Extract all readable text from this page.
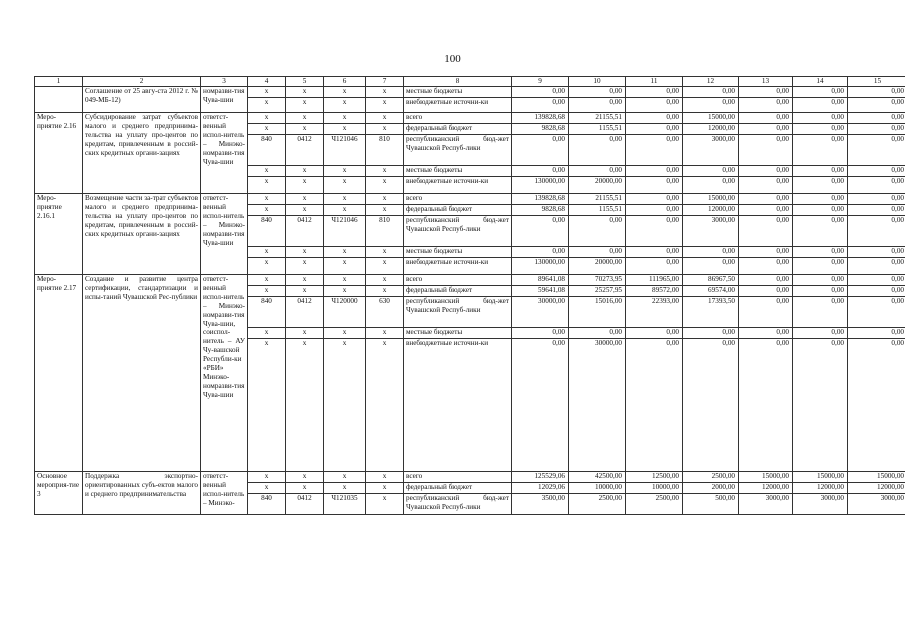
100
1	2	3	4	5	6	7	8	9	10	11	12	13	14	15
	Соглашение от 25 авгу-ста 2012 г. № 049-МБ-12)	номразви-тия Чува-шии	x	x	x	x	местные бюджеты	0,00	0,00	0,00	0,00	0,00	0,00	0,00
			x	x	x	x	внебюджетные источни-ки	0,00	0,00	0,00	0,00	0,00	0,00	0,00
Меро-приятие 2.16	Субсидирование затрат субъектов малого и среднего предпринима-тельства на уплату про-центов по кредитам, привлеченным в россий-ских кредитных органи-зациях	ответст-венный испол-нитель – Минэко-номразви-тия Чува-шии	x	x	x	x	всего	139828,68	21155,51	0,00	15000,00	0,00	0,00	0,00
			x	x	x	x	федеральный бюджет	9828,68	1155,51	0,00	12000,00	0,00	0,00	0,00
			840	0412	Ч121046	810	республиканский бюд-жет Чувашской Респуб-лики	0,00	0,00	0,00	3000,00	0,00	0,00	0,00
			x	x	x	x	местные бюджеты	0,00	0,00	0,00	0,00	0,00	0,00	0,00
			x	x	x	x	внебюджетные источни-ки	130000,00	20000,00	0,00	0,00	0,00	0,00	0,00
Меро-приятие 2.16.1	Возмещение части за-трат субъектов малого и среднего предпринима-тельства на уплату про-центов по кредитам, привлеченным в россий-ских кредитных органи-зациях	ответст-венный испол-нитель – Минэко-номразви-тия Чува-шии	x	x	x	x	всего	139828,68	21155,51	0,00	15000,00	0,00	0,00	0,00
			x	x	x	x	федеральный бюджет	9828,68	1155,51	0,00	12000,00	0,00	0,00	0,00
			840	0412	Ч121046	810	республиканский бюд-жет Чувашской Респуб-лики	0,00	0,00	0,00	3000,00	0,00	0,00	0,00
			x	x	x	x	местные бюджеты	0,00	0,00	0,00	0,00	0,00	0,00	0,00
			x	x	x	x	внебюджетные источни-ки	130000,00	20000,00	0,00	0,00	0,00	0,00	0,00
Меро-приятие 2.17	Создание и развитие центра сертификации, стандартизации и испы-таний Чувашской Рес-публики	ответст-венный испол-нитель – Минэко-номразви-тия Чува-шии, соиспол-нитель – АУ Чу-вашской Республи-ки «РБИ» Минэко-номразви-тия Чува-шии	x	x	x	x	всего	89641,08	70273,95	111965,00	86967,50	0,00	0,00	0,00
			x	x	x	x	федеральный бюджет	59641,08	25257,95	89572,00	69574,00	0,00	0,00	0,00
			840	0412	Ч120000	630	республиканский бюд-жет Чувашской Респуб-лики	30000,00	15016,00	22393,00	17393,50	0,00	0,00	0,00
			x	x	x	x	местные бюджеты	0,00	0,00	0,00	0,00	0,00	0,00	0,00
			x	x	x	x	внебюджетные источни-ки	0,00	30000,00	0,00	0,00	0,00	0,00	0,00
Основное мероприя-тие 3	Поддержка экспортно-ориентированных субъ-ектов малого и среднего предпринимательства	ответст-венный испол-нитель – Минэко-	x	x	x	x	всего	125529,06	42500,00	12500,00	2500,00	15000,00	15000,00	15000,00
			x	x	x	x	федеральный бюджет	12029,06	10000,00	10000,00	2000,00	12000,00	12000,00	12000,00
			840	0412	Ч121035	x	республиканский бюд-жет Чувашской Респуб-лики	3500,00	2500,00	2500,00	500,00	3000,00	3000,00	3000,00
